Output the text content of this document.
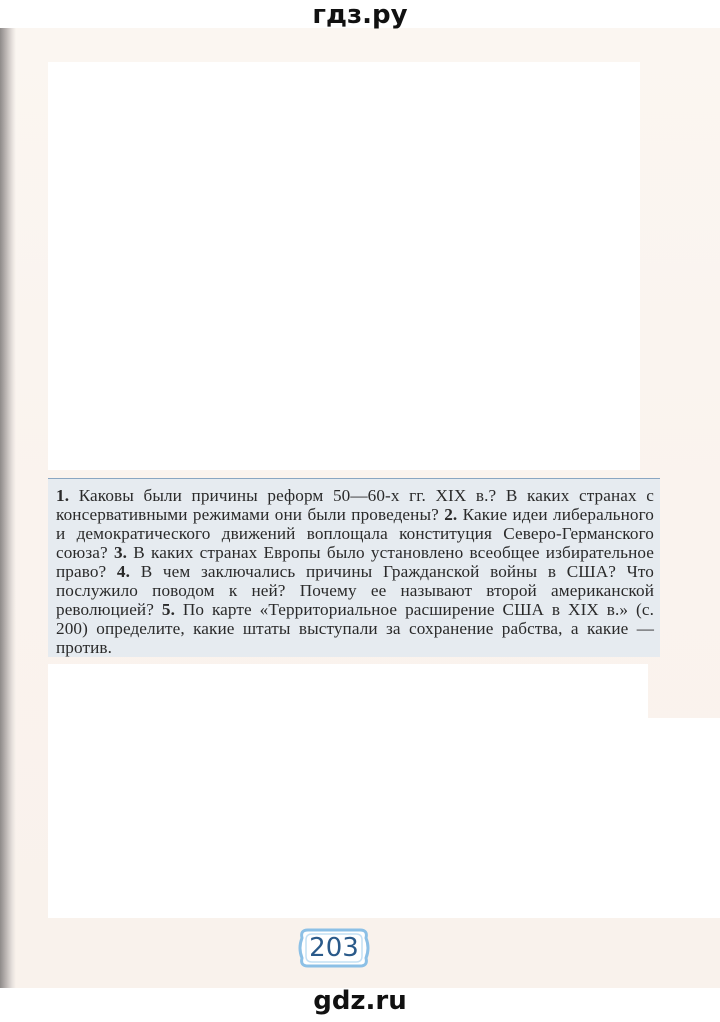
гдз.ру

1. Каковы были причины реформ 50—60-х гг. XIX в.? В каких странах с консервативными режимами они были проведены? 2. Какие идеи либерального и демократического движений воплощала конституция Северо-Германского союза? 3. В каких странах Европы было установлено всеобщее избирательное право? 4. В чем заключались причины Гражданской войны в США? Что послужило поводом к ней? Почему ее называют второй американской революцией? 5. По карте «Территориальное расширение США в XIX в.» (с. 200) определите, какие штаты выступали за сохранение рабства, а какие — против.

203
gdz.ru
